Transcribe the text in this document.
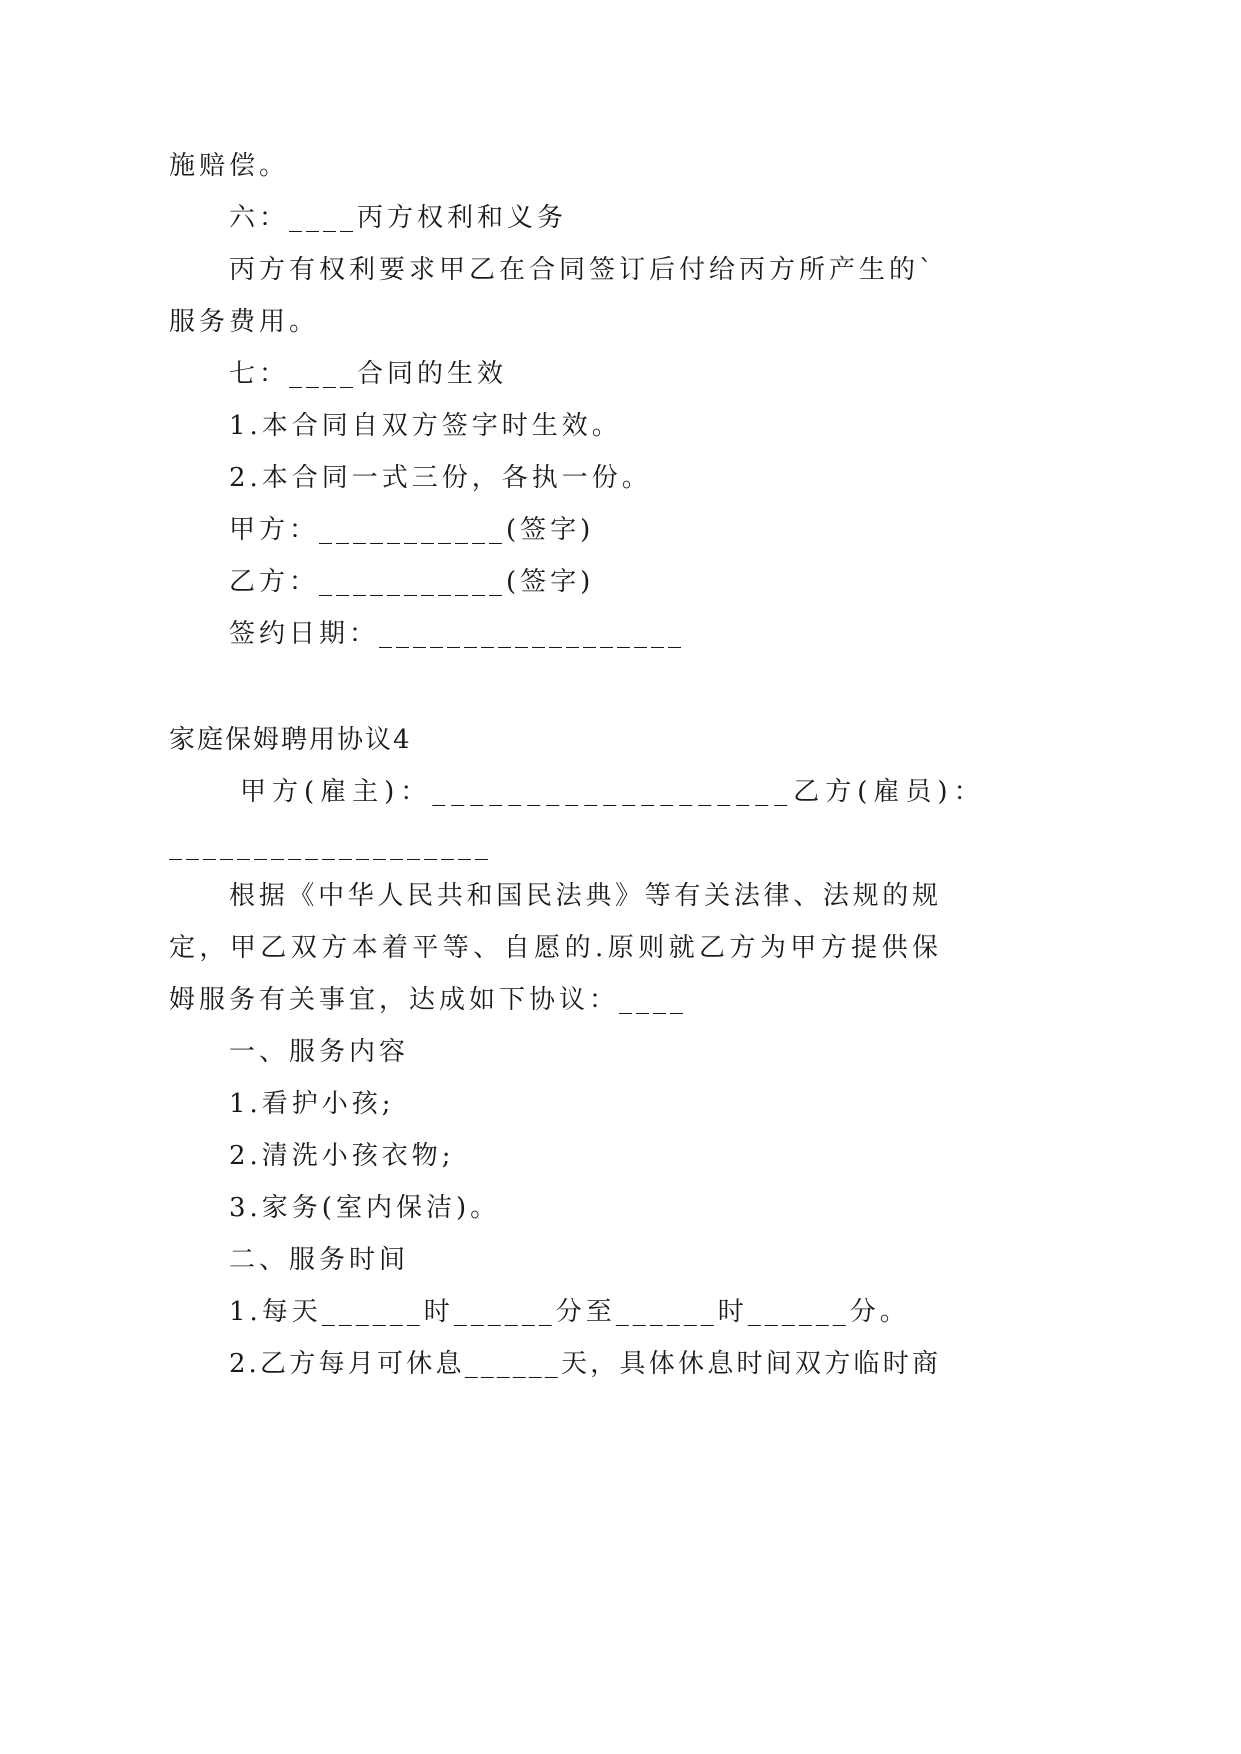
施赔偿。
六：____丙方权利和义务
丙方有权利要求甲乙在合同签订后付给丙方所产生的`
服务费用。
七：____合同的生效
1.本合同自双方签字时生效。
2.本合同一式三份，各执一份。
甲方：___________(签字)
乙方：___________(签字)
签约日期：__________________
家庭保姆聘用协议4
甲方(雇主)：___________________乙方(雇员)：
___________________
根据《中华人民共和国民法典》等有关法律、法规的规
定，甲乙双方本着平等、自愿的.原则就乙方为甲方提供保
姆服务有关事宜，达成如下协议：____
一、服务内容
1.看护小孩;
2.清洗小孩衣物;
3.家务(室内保洁)。
二、服务时间
1.每天______时______分至______时______分。
2.乙方每月可休息______天，具体休息时间双方临时商
